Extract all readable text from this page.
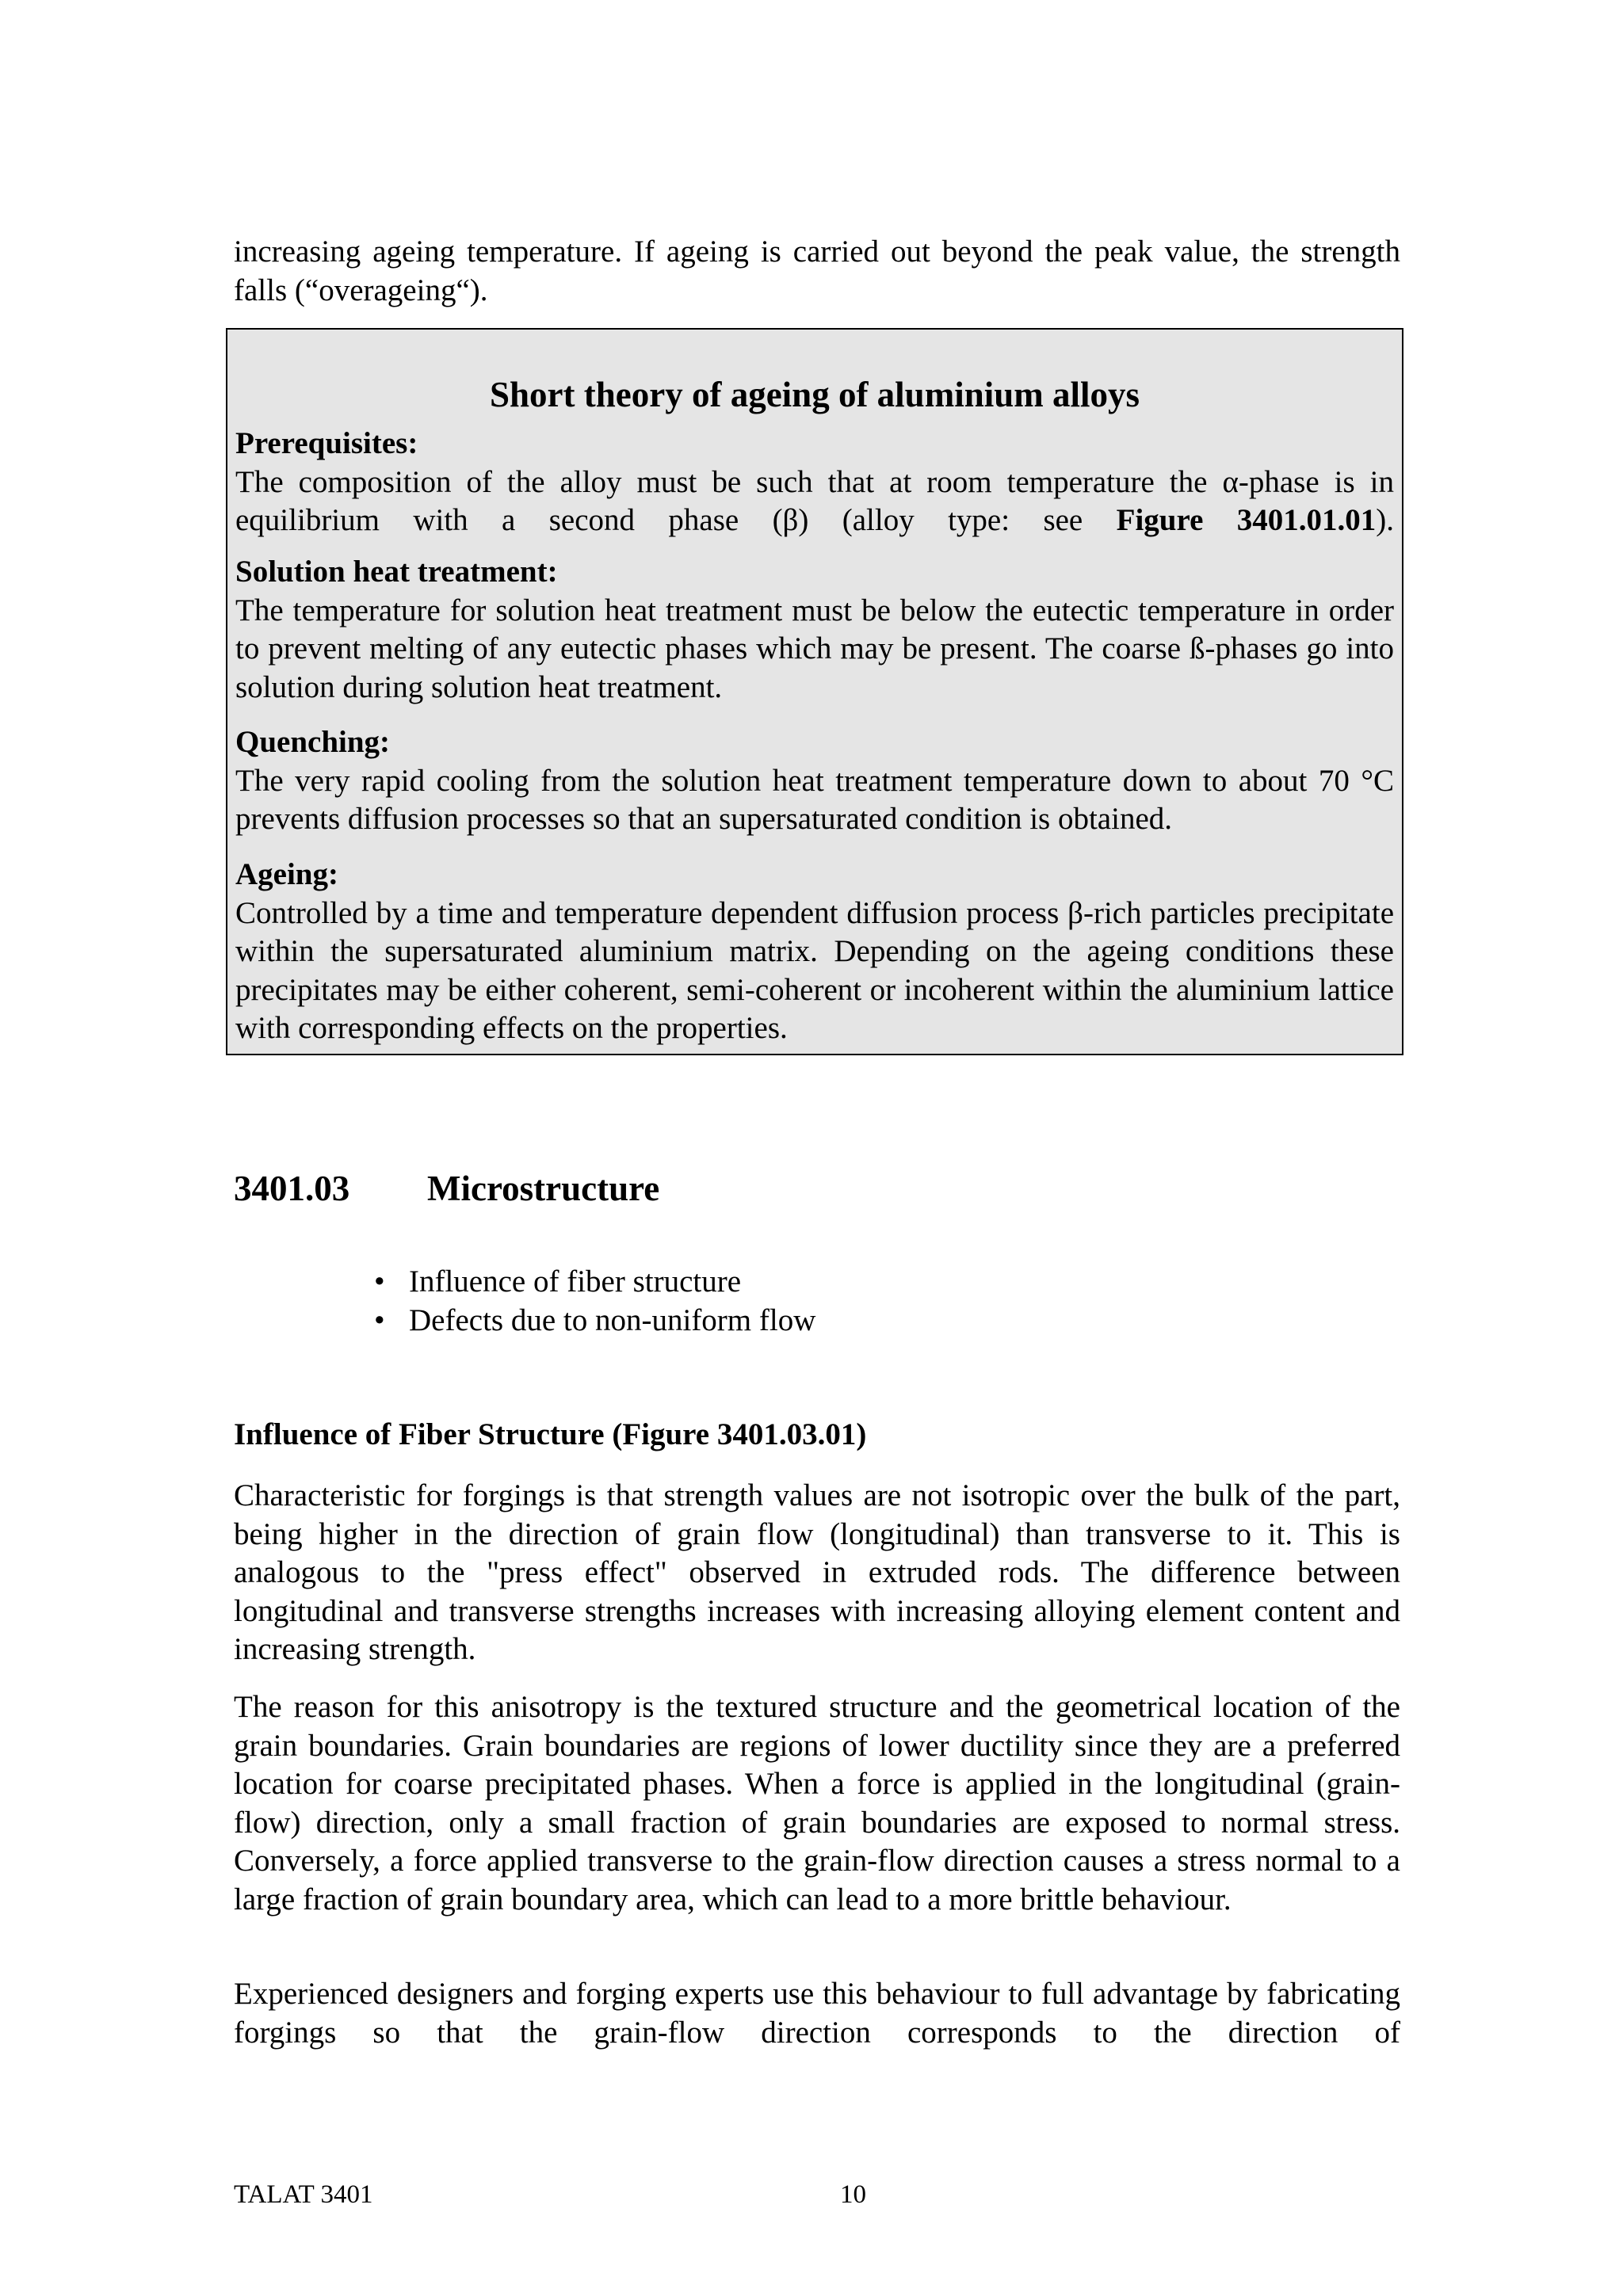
increasing ageing temperature. If ageing is carried out beyond the peak value, the strength falls (“overageing“).

Short theory of ageing of aluminium alloys

Prerequisites:

The composition of the alloy must be such that at room temperature the α-phase is in equilibrium with a second phase (β) (alloy type: see Figure 3401.01.01).

Solution heat treatment:

The temperature for solution heat treatment must be below the eutectic temperature in order to prevent melting of any eutectic phases which may be present. The coarse ß-phases go into solution during solution heat treatment.

Quenching:

The very rapid cooling from the solution heat treatment temperature down to about 70 °C prevents diffusion processes so that an supersaturated condition is obtained.

Ageing:

Controlled by a time and temperature dependent diffusion process β-rich particles precipitate within the supersaturated aluminium matrix. Depending on the ageing conditions these precipitates may be either coherent, semi-coherent or incoherent within the aluminium lattice with corresponding effects on the properties.

3401.03 Microstructure
• Influence of fiber structure
• Defects due to non-uniform flow
Influence of Fiber Structure (Figure 3401.03.01)

Characteristic for forgings is that strength values are not isotropic over the bulk of the part, being higher in the direction of grain flow (longitudinal) than transverse to it. This is analogous to the "press effect" observed in extruded rods. The difference between longitudinal and transverse strengths increases with increasing alloying element content and increasing strength.

The reason for this anisotropy is the textured structure and the geometrical location of the grain boundaries. Grain boundaries are regions of lower ductility since they are a preferred location for coarse precipitated phases. When a force is applied in the longitudinal (grain-flow) direction, only a small fraction of grain boundaries are exposed to normal stress. Conversely, a force applied transverse to the grain-flow direction causes a stress normal to a large fraction of grain boundary area, which can lead to a more brittle behaviour.

Experienced designers and forging experts use this behaviour to full advantage by fabricating forgings so that the grain-flow direction corresponds to the direction of

TALAT 3401	10
